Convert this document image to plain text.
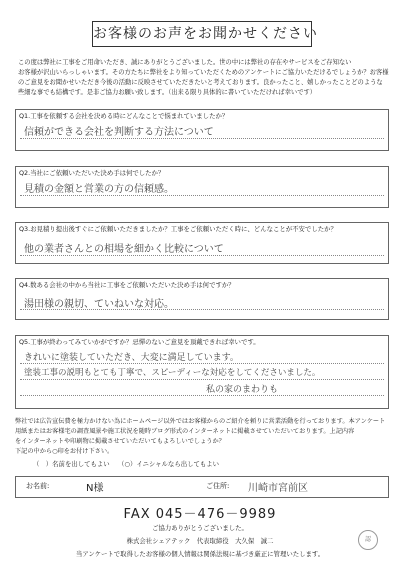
お客様のお声をお聞かせください
この度は弊社に工事をご用命いただき、誠にありがとうございました。世の中には弊社の存在やサービスをご存知ない
お客様が沢山いらっしゃいます。その方たちに弊社をより知っていただくためのアンケートにご協力いただけるでしょうか？お客様
のご意見をお聞かせいただき今後の活動に反映させていただきたいと考えております。良かったこと、嬉しかったことどのような
些細な事でも結構です。是非ご協力お願い致します。（出来る限り具体的に書いていただければ幸いです）
Q1.工事を依頼する会社を決める時にどんなことで悩まれていましたか？
信頼ができる会社を判断する方法について
Q2.当社にご依頼いただいた決め手は何でしたか？
見積の金額と営業の方の信頼感。
Q3.お見積り提出後すぐにご依頼いただきましたか？工事をご依頼いただく時に、どんなことが不安でしたか？
他の業者さんとの相場を細かく比較について
Q4.数ある会社の中から当社に工事をご依頼いただいた決め手は何ですか？
湯田様の親切、ていねいな対応。
Q5.工事が終わってみていかがですか？忌憚のないご意見を頂戴できれば幸いです。
きれいに塗装していただき、大変に満足しています。
塗装工事の説明もとても丁寧で、スピーディーな対応をしてくださいました。
私の家のまわりも
弊社では広告宣伝費を極力かけない為にホームページ以外ではお客様からのご紹介を頼りに営業活動を行っております。本アンケート
用紙またはお客様宅の調査風景や施工状況を随時ブログ形式のインターネットに掲載させていただいております。上記内容
をインターネットや印刷物に掲載させていただいてもよろしいでしょうか？
下記の中から○印をお付け下さい。
（　）名前を出してもよい （○）イニシャルなら出してもよい
お名前:	N様	ご住所: 川崎市宮前区
FAX 045－476－9989
ご協力ありがとうございました。
株式会社シェアテック　代表取締役　大久保　誠二
当アンケートで取得したお客様の個人情報は関係法規に基づき厳正に管理いたします。
認
